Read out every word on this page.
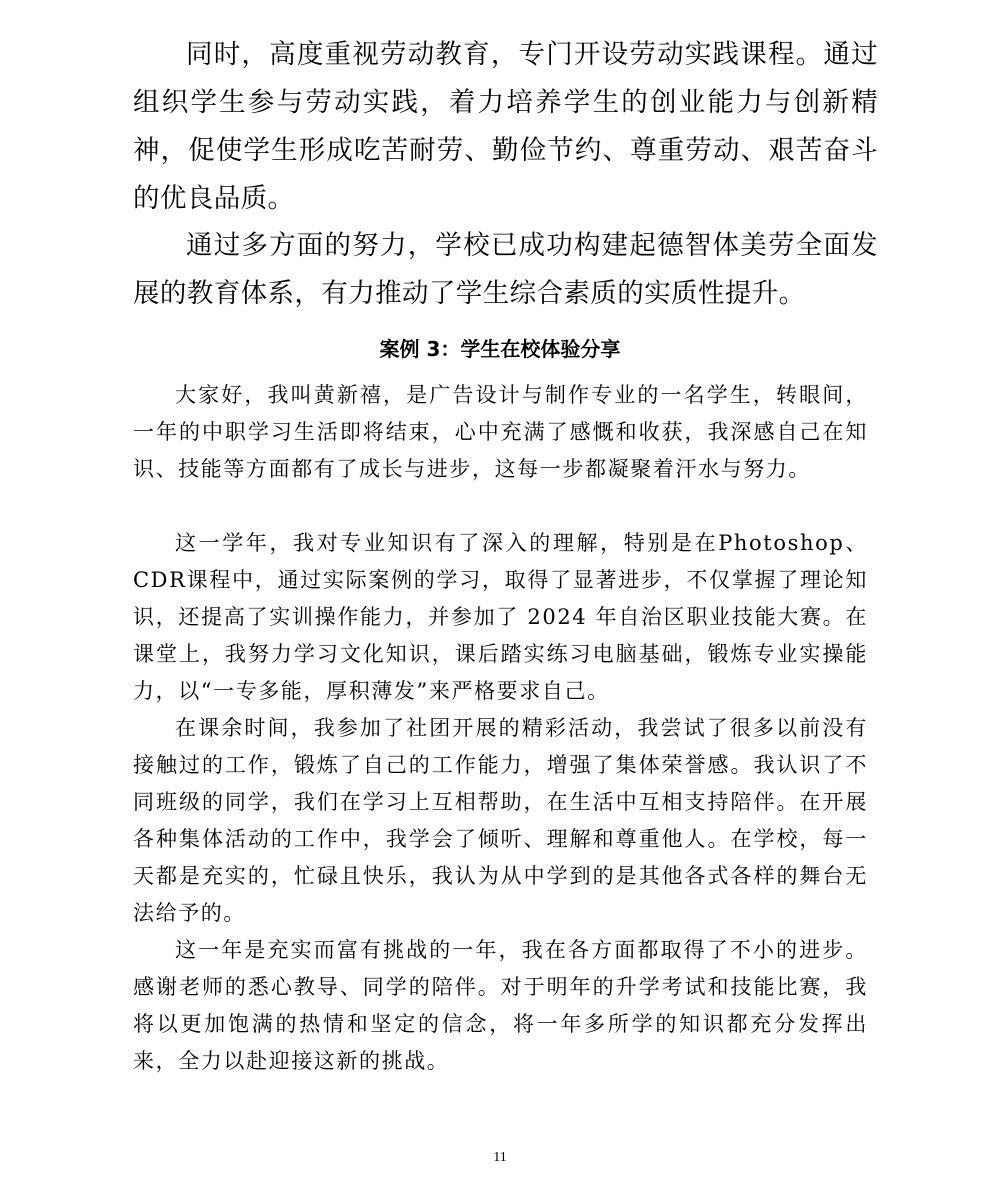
同时，高度重视劳动教育，专门开设劳动实践课程。通过组织学生参与劳动实践，着力培养学生的创业能力与创新精神，促使学生形成吃苦耐劳、勤俭节约、尊重劳动、艰苦奋斗的优良品质。

通过多方面的努力，学校已成功构建起德智体美劳全面发展的教育体系，有力推动了学生综合素质的实质性提升。

案例 3：学生在校体验分享

大家好，我叫黄新禧，是广告设计与制作专业的一名学生，转眼间，一年的中职学习生活即将结束，心中充满了感慨和收获，我深感自己在知识、技能等方面都有了成长与进步，这每一步都凝聚着汗水与努力。

这一学年，我对专业知识有了深入的理解，特别是在Photoshop、CDR课程中，通过实际案例的学习，取得了显著进步，不仅掌握了理论知识，还提高了实训操作能力，并参加了 2024 年自治区职业技能大赛。在课堂上，我努力学习文化知识，课后踏实练习电脑基础，锻炼专业实操能力，以“一专多能，厚积薄发”来严格要求自己。

在课余时间，我参加了社团开展的精彩活动，我尝试了很多以前没有接触过的工作，锻炼了自己的工作能力，增强了集体荣誉感。我认识了不同班级的同学，我们在学习上互相帮助，在生活中互相支持陪伴。在开展各种集体活动的工作中，我学会了倾听、理解和尊重他人。在学校，每一天都是充实的，忙碌且快乐，我认为从中学到的是其他各式各样的舞台无法给予的。

这一年是充实而富有挑战的一年，我在各方面都取得了不小的进步。感谢老师的悉心教导、同学的陪伴。对于明年的升学考试和技能比赛，我将以更加饱满的热情和坚定的信念，将一年多所学的知识都充分发挥出来，全力以赴迎接这新的挑战。

11
